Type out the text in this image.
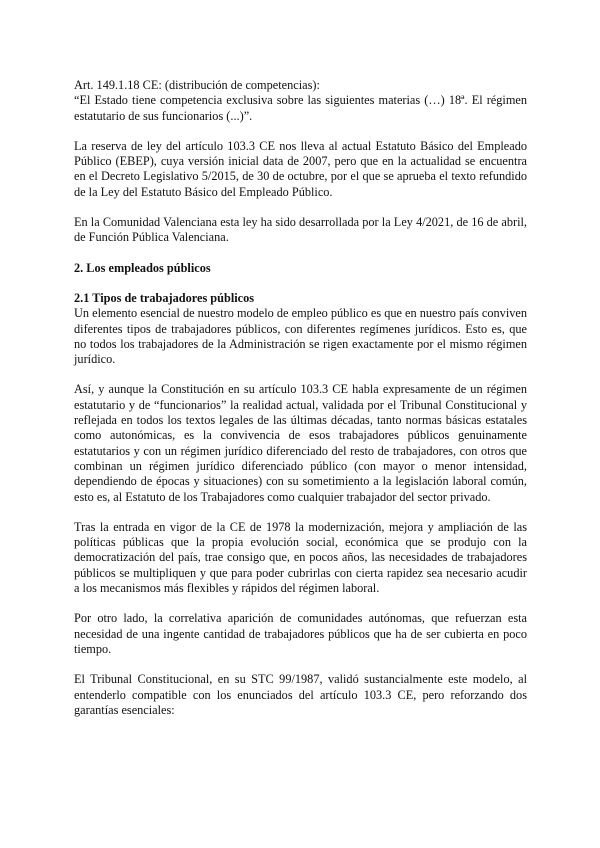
Art. 149.1.18 CE: (distribución de competencias):

“El Estado tiene competencia exclusiva sobre las siguientes materias (…) 18ª. El régimen estatutario de sus funcionarios (...)”.

La reserva de ley del artículo 103.3 CE nos lleva al actual Estatuto Básico del Empleado Público (EBEP), cuya versión inicial data de 2007, pero que en la actualidad se encuentra en el Decreto Legislativo 5/2015, de 30 de octubre, por el que se aprueba el texto refundido de la Ley del Estatuto Básico del Empleado Público.

En la Comunidad Valenciana esta ley ha sido desarrollada por la Ley 4/2021, de 16 de abril, de Función Pública Valenciana.

2. Los empleados públicos

2.1 Tipos de trabajadores públicos

Un elemento esencial de nuestro modelo de empleo público es que en nuestro país conviven diferentes tipos de trabajadores públicos, con diferentes regímenes jurídicos. Esto es, que no todos los trabajadores de la Administración se rigen exactamente por el mismo régimen jurídico.

Así, y aunque la Constitución en su artículo 103.3 CE habla expresamente de un régimen estatutario y de “funcionarios” la realidad actual, validada por el Tribunal Constitucional y reflejada en todos los textos legales de las últimas décadas, tanto normas básicas estatales como autonómicas, es la convivencia de esos trabajadores públicos genuinamente estatutarios y con un régimen jurídico diferenciado del resto de trabajadores, con otros que combinan un régimen jurídico diferenciado público (con mayor o menor intensidad, dependiendo de épocas y situaciones) con su sometimiento a la legislación laboral común, esto es, al Estatuto de los Trabajadores como cualquier trabajador del sector privado.

Tras la entrada en vigor de la CE de 1978 la modernización, mejora y ampliación de las políticas públicas que la propia evolución social, económica que se produjo con la democratización del país, trae consigo que, en pocos años, las necesidades de trabajadores públicos se multipliquen y que para poder cubrirlas con cierta rapidez sea necesario acudir a los mecanismos más flexibles y rápidos del régimen laboral.

Por otro lado, la correlativa aparición de comunidades autónomas, que refuerzan esta necesidad de una ingente cantidad de trabajadores públicos que ha de ser cubierta en poco tiempo.

El Tribunal Constitucional, en su STC 99/1987, validó sustancialmente este modelo, al entenderlo compatible con los enunciados del artículo 103.3 CE, pero reforzando dos garantías esenciales:
